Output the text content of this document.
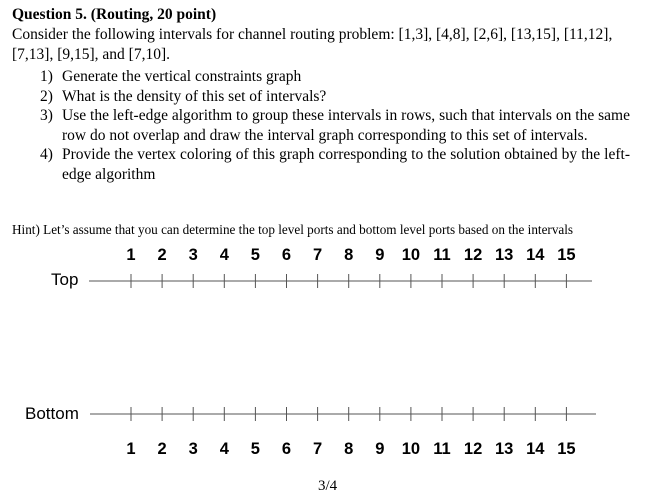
Question 5. (Routing, 20 point)
Consider the following intervals for channel routing problem: [1,3], [4,8], [2,6], [13,15], [11,12], [7,13], [9,15], and [7,10].
1) Generate the vertical constraints graph
2) What is the density of this set of intervals?
3) Use the left-edge algorithm to group these intervals in rows, such that intervals on the same row do not overlap and draw the interval graph corresponding to this set of intervals.
4) Provide the vertex coloring of this graph corresponding to the solution obtained by the left-edge algorithm
Hint) Let’s assume that you can determine the top level ports and bottom level ports based on the intervals
1 2 3 4 5 6 7 8 9 10 11 12 13 14 15
Top
Bottom
1 2 3 4 5 6 7 8 9 10 11 12 13 14 15
3/4
